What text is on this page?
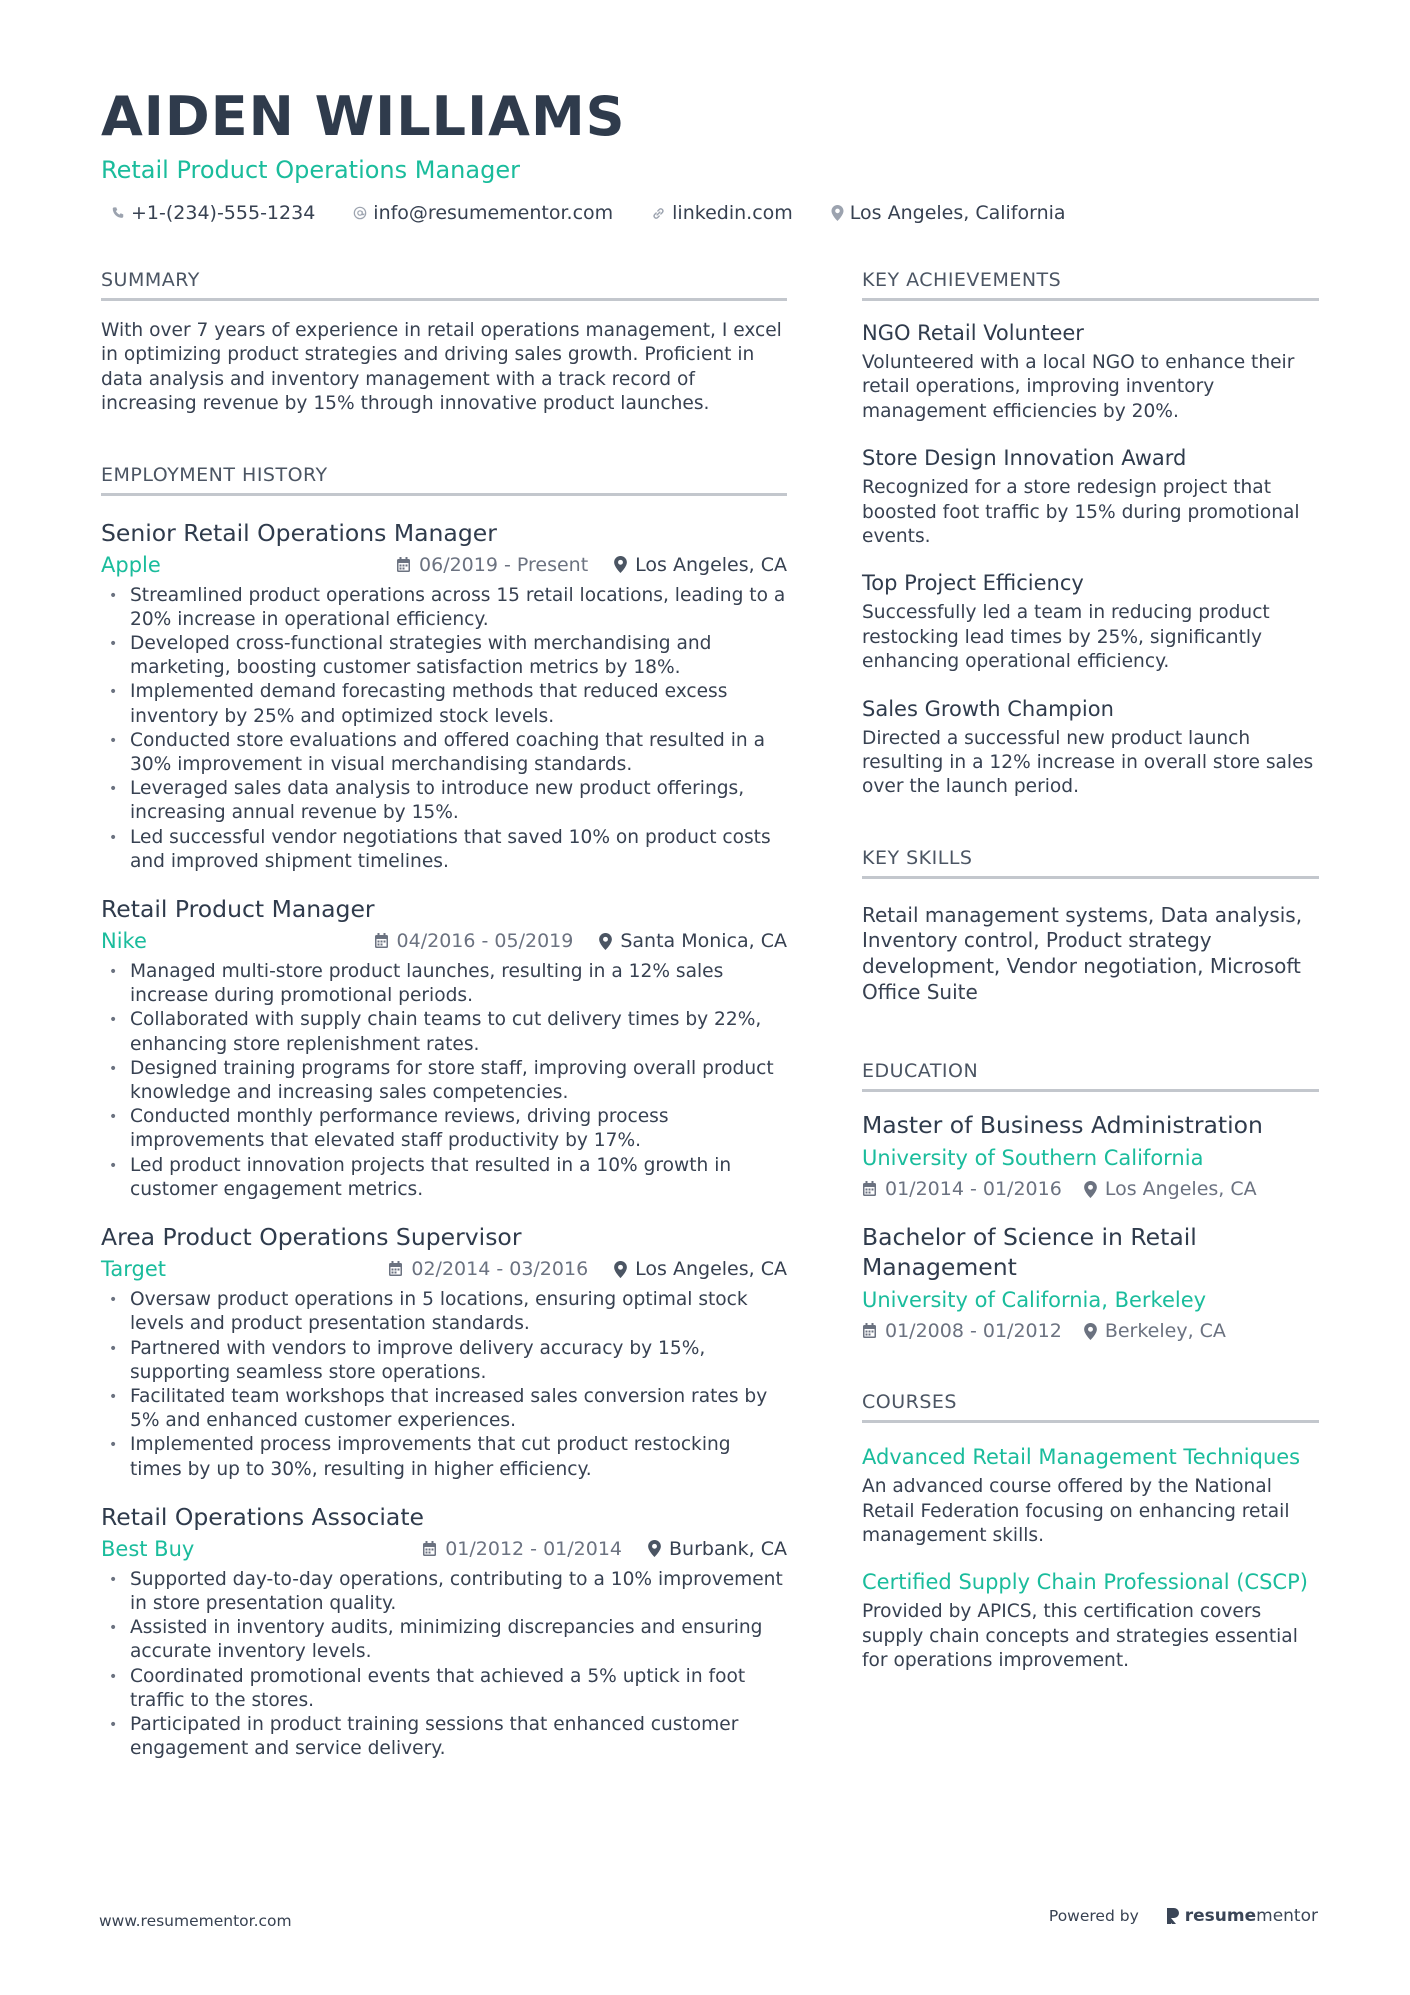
AIDEN WILLIAMS
Retail Product Operations Manager
+1-(234)-555-1234	info@resumementor.com	linkedin.com	Los Angeles, California
SUMMARY
With over 7 years of experience in retail operations management, I excel in optimizing product strategies and driving sales growth. Proficient in data analysis and inventory management with a track record of increasing revenue by 15% through innovative product launches.
EMPLOYMENT HISTORY
Senior Retail Operations Manager
Apple	06/2019 - Present Los Angeles, CA
• Streamlined product operations across 15 retail locations, leading to a 20% increase in operational efficiency.
• Developed cross-functional strategies with merchandising and marketing, boosting customer satisfaction metrics by 18%.
• Implemented demand forecasting methods that reduced excess inventory by 25% and optimized stock levels.
• Conducted store evaluations and offered coaching that resulted in a 30% improvement in visual merchandising standards.
• Leveraged sales data analysis to introduce new product offerings, increasing annual revenue by 15%.
• Led successful vendor negotiations that saved 10% on product costs and improved shipment timelines.
Retail Product Manager
Nike	04/2016 - 05/2019 Santa Monica, CA
• Managed multi-store product launches, resulting in a 12% sales increase during promotional periods.
• Collaborated with supply chain teams to cut delivery times by 22%, enhancing store replenishment rates.
• Designed training programs for store staff, improving overall product knowledge and increasing sales competencies.
• Conducted monthly performance reviews, driving process improvements that elevated staff productivity by 17%.
• Led product innovation projects that resulted in a 10% growth in customer engagement metrics.
Area Product Operations Supervisor
Target	02/2014 - 03/2016 Los Angeles, CA
• Oversaw product operations in 5 locations, ensuring optimal stock levels and product presentation standards.
• Partnered with vendors to improve delivery accuracy by 15%, supporting seamless store operations.
• Facilitated team workshops that increased sales conversion rates by 5% and enhanced customer experiences.
• Implemented process improvements that cut product restocking times by up to 30%, resulting in higher efficiency.
Retail Operations Associate
Best Buy	01/2012 - 01/2014 Burbank, CA
• Supported day-to-day operations, contributing to a 10% improvement in store presentation quality.
• Assisted in inventory audits, minimizing discrepancies and ensuring accurate inventory levels.
• Coordinated promotional events that achieved a 5% uptick in foot traffic to the stores.
• Participated in product training sessions that enhanced customer engagement and service delivery.
KEY ACHIEVEMENTS
NGO Retail Volunteer
Volunteered with a local NGO to enhance their retail operations, improving inventory management efficiencies by 20%.
Store Design Innovation Award
Recognized for a store redesign project that boosted foot traffic by 15% during promotional events.
Top Project Efficiency
Successfully led a team in reducing product restocking lead times by 25%, significantly enhancing operational efficiency.
Sales Growth Champion
Directed a successful new product launch resulting in a 12% increase in overall store sales over the launch period.
KEY SKILLS
Retail management systems, Data analysis, Inventory control, Product strategy development, Vendor negotiation, Microsoft Office Suite
EDUCATION
Master of Business Administration
University of Southern California
01/2014 - 01/2016 Los Angeles, CA
Bachelor of Science in Retail Management
University of California, Berkeley
01/2008 - 01/2012 Berkeley, CA
COURSES
Advanced Retail Management Techniques
An advanced course offered by the National Retail Federation focusing on enhancing retail management skills.
Certified Supply Chain Professional (CSCP)
Provided by APICS, this certification covers supply chain concepts and strategies essential for operations improvement.
www.resumementor.com	Powered by	resume mentor
